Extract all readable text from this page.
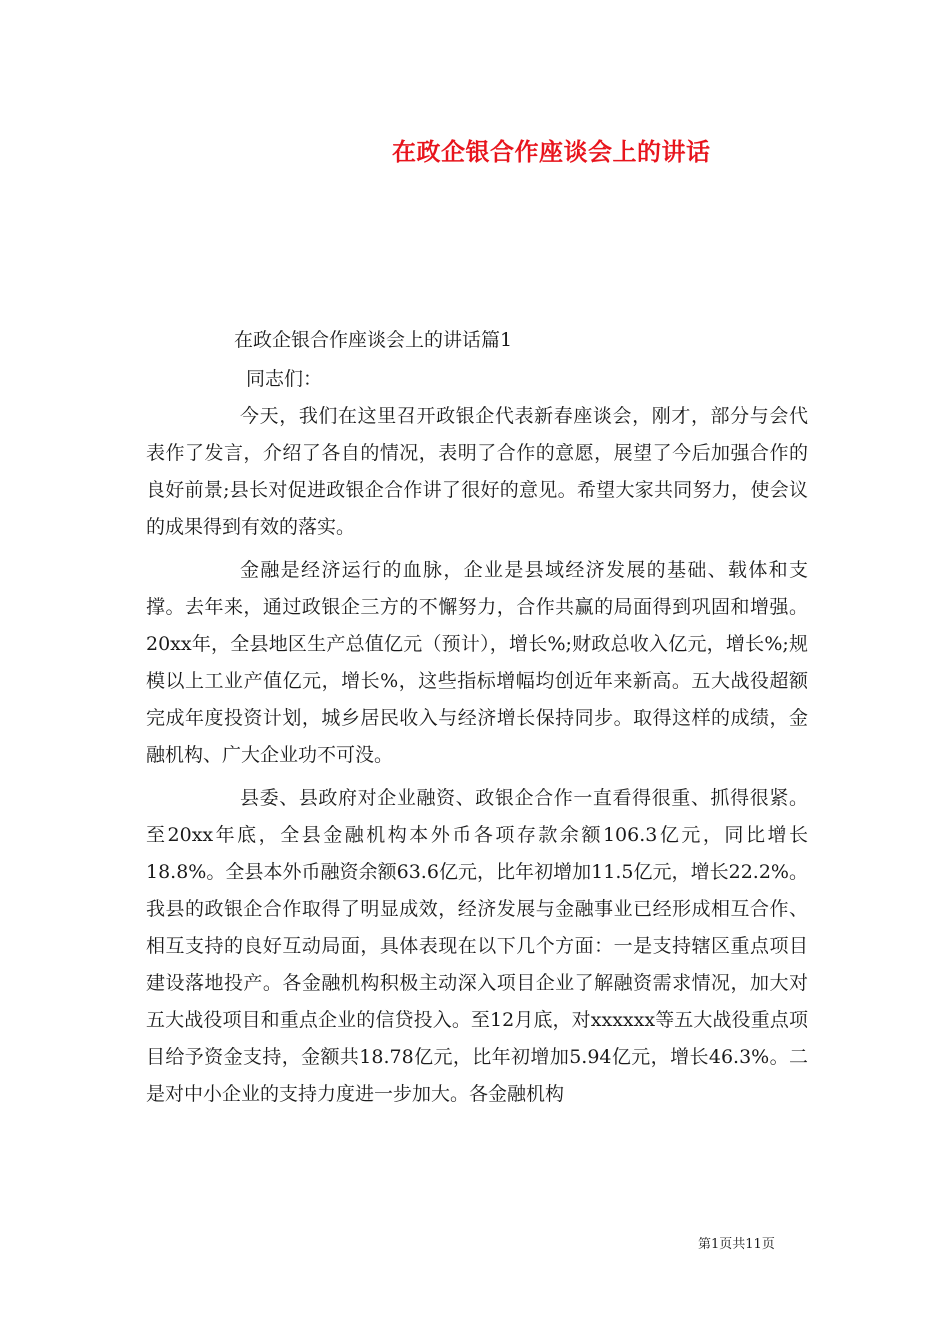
在政企银合作座谈会上的讲话
在政企银合作座谈会上的讲话篇1

同志们：

今天，我们在这里召开政银企代表新春座谈会，刚才，部分与会代表作了发言，介绍了各自的情况，表明了合作的意愿，展望了今后加强合作的良好前景;县长对促进政银企合作讲了很好的意见。希望大家共同努力，使会议的成果得到有效的落实。

金融是经济运行的血脉，企业是县域经济发展的基础、载体和支撑。去年来，通过政银企三方的不懈努力，合作共赢的局面得到巩固和增强。20xx年，全县地区生产总值亿元（预计），增长%;财政总收入亿元，增长%;规模以上工业产值亿元，增长%，这些指标增幅均创近年来新高。五大战役超额完成年度投资计划，城乡居民收入与经济增长保持同步。取得这样的成绩，金融机构、广大企业功不可没。

县委、县政府对企业融资、政银企合作一直看得很重、抓得很紧。至20xx年底，全县金融机构本外币各项存款余额106.3亿元，同比增长18.8%。全县本外币融资余额63.6亿元，比年初增加11.5亿元，增长22.2%。我县的政银企合作取得了明显成效，经济发展与金融事业已经形成相互合作、相互支持的良好互动局面，具体表现在以下几个方面：一是支持辖区重点项目建设落地投产。各金融机构积极主动深入项目企业了解融资需求情况，加大对五大战役项目和重点企业的信贷投入。至12月底，对xxxxxx等五大战役重点项目给予资金支持，金额共18.78亿元，比年初增加5.94亿元，增长46.3%。二是对中小企业的支持力度进一步加大。各金融机构

第1页共11页
